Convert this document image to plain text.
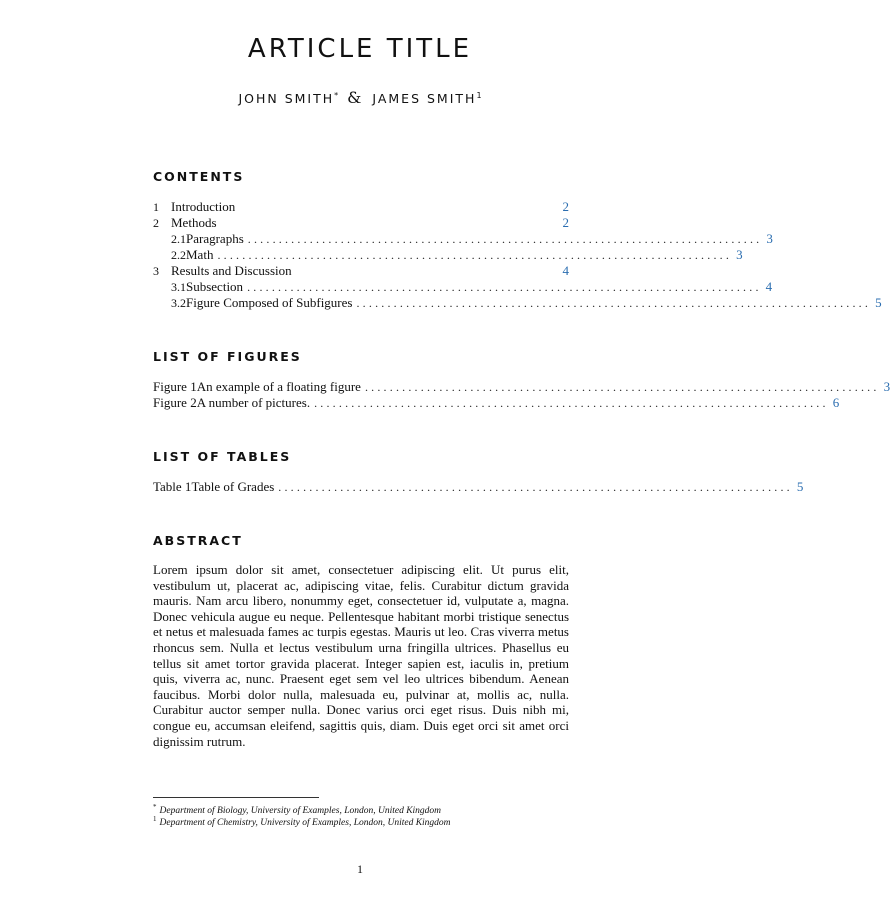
ARTICLE TITLE
JOHN SMITH* & JAMES SMITH$^1$
CONTENTS
1 Introduction	2
2 Methods	2
2.1 Paragraphs ................................................................................... 3
2.2 Math ................................................................................... 3
3 Results and Discussion	4
3.1 Subsection ................................................................................... 4
3.2 Figure Composed of Subfigures ................................................................................... 5
LIST OF FIGURES
Figure 1 An example of a floating figure ................................................................................... 3
Figure 2 A number of pictures. ................................................................................... 6
LIST OF TABLES
Table 1 Table of Grades ................................................................................... 5
ABSTRACT

Lorem ipsum dolor sit amet, consectetuer adipiscing elit. Ut purus elit, vestibulum ut, placerat ac, adipiscing vitae, felis. Curabitur dictum gravida mauris. Nam arcu libero, nonummy eget, consectetuer id, vulputate a, magna. Donec vehicula augue eu neque. Pellentesque habitant morbi tristique senectus et netus et malesuada fames ac turpis egestas. Mauris ut leo. Cras viverra metus rhoncus sem. Nulla et lectus vestibulum urna fringilla ultrices. Phasellus eu tellus sit amet tortor gravida placerat. Integer sapien est, iaculis in, pretium quis, viverra ac, nunc. Praesent eget sem vel leo ultrices bibendum. Aenean faucibus. Morbi dolor nulla, malesuada eu, pulvinar at, mollis ac, nulla. Curabitur auctor semper nulla. Donec varius orci eget risus. Duis nibh mi, congue eu, accumsan eleifend, sagittis quis, diam. Duis eget orci sit amet orci dignissim rutrum.

* Department of Biology, University of Examples, London, United Kingdom
$^1$ Department of Chemistry, University of Examples, London, United Kingdom
1
